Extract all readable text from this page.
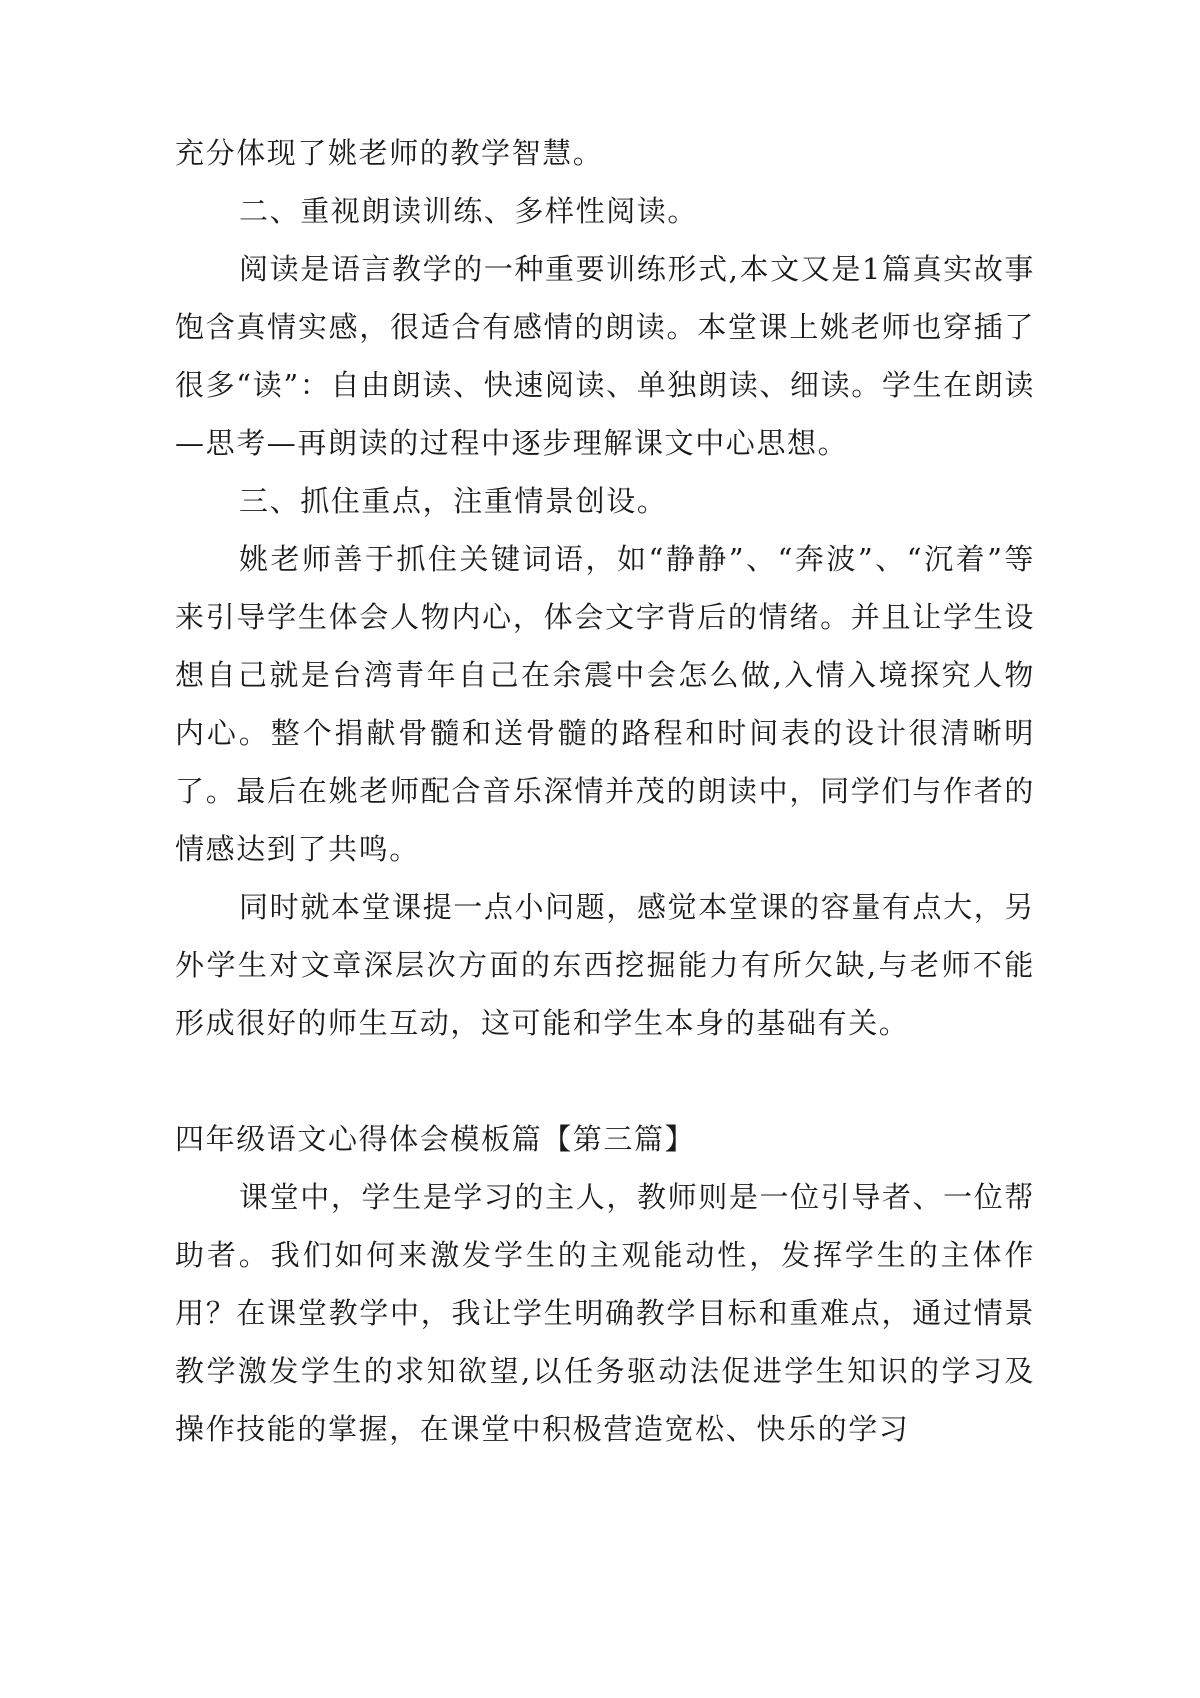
充分体现了姚老师的教学智慧。

二、重视朗读训练、多样性阅读。

阅读是语言教学的一种重要训练形式,本文又是1篇真实故事饱含真情实感，很适合有感情的朗读。本堂课上姚老师也穿插了很多“读”：自由朗读、快速阅读、单独朗读、细读。学生在朗读—思考—再朗读的过程中逐步理解课文中心思想。

三、抓住重点，注重情景创设。

姚老师善于抓住关键词语，如“静静”、“奔波”、“沉着”等来引导学生体会人物内心，体会文字背后的情绪。并且让学生设想自己就是台湾青年自己在余震中会怎么做,入情入境探究人物内心。整个捐献骨髓和送骨髓的路程和时间表的设计很清晰明了。最后在姚老师配合音乐深情并茂的朗读中，同学们与作者的情感达到了共鸣。

同时就本堂课提一点小问题，感觉本堂课的容量有点大，另外学生对文章深层次方面的东西挖掘能力有所欠缺,与老师不能形成很好的师生互动，这可能和学生本身的基础有关。

四年级语文心得体会模板篇【第三篇】

课堂中，学生是学习的主人，教师则是一位引导者、一位帮助者。我们如何来激发学生的主观能动性，发挥学生的主体作用？在课堂教学中，我让学生明确教学目标和重难点，通过情景教学激发学生的求知欲望,以任务驱动法促进学生知识的学习及操作技能的掌握，在课堂中积极营造宽松、快乐的学习
